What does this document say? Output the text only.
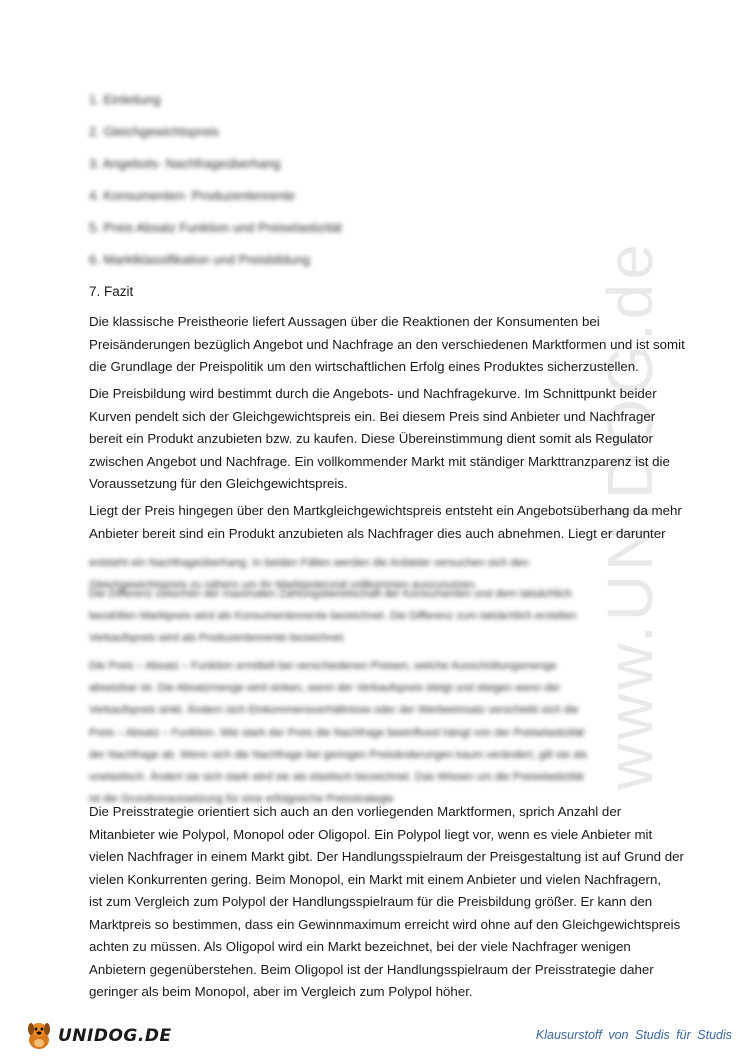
www.UNIDOG.de
1. Einleitung
2. Gleichgewichtspreis
3. Angebots- Nachfrageüberhang
4. Konsumenten- Produzentenrente
5. Preis Absatz Funktion und Preiselastizität
6. Marktklassifikation und Preisbildung
7. Fazit
Die klassische Preistheorie liefert Aussagen über die Reaktionen der Konsumenten bei
Preisänderungen bezüglich Angebot und Nachfrage an den verschiedenen Marktformen und ist somit
die Grundlage der Preispolitik um den wirtschaftlichen Erfolg eines Produktes sicherzustellen.
Die Preisbildung wird bestimmt durch die Angebots- und Nachfragekurve. Im Schnittpunkt beider
Kurven pendelt sich der Gleichgewichtspreis ein. Bei diesem Preis sind Anbieter und Nachfrager
bereit ein Produkt anzubieten bzw. zu kaufen. Diese Übereinstimmung dient somit als Regulator
zwischen Angebot und Nachfrage. Ein vollkommender Markt mit ständiger Markttranzparenz ist die
Voraussetzung für den Gleichgewichtspreis.
Liegt der Preis hingegen über den Martkgleichgewichtspreis entsteht ein Angebotsüberhang da mehr
Anbieter bereit sind ein Produkt anzubieten als Nachfrager dies auch abnehmen. Liegt er darunter
entsteht ein Nachfrageüberhang. In beiden Fällen werden die Anbieter versuchen sich den
Gleichgewichtspreis zu nähern um ihr Marktpotenzial vollkommen auszunutzen.
Die Differenz zwischen der maximalen Zahlungsbereitschaft der Konsumenten und dem tatsächlich
bezahlten Marktpreis wird als Konsumentenrente bezeichnet. Die Differenz zum tatsächlich erzielten
Verkaufspreis wird als Produzentenrente bezeichnet.
Die Preis – Absatz – Funktion ermittelt bei verschiedenen Preisen, welche Ausschüttungsmenge
absetzbar ist. Die Absatzmenge wird sinken, wenn der Verkaufspreis steigt und steigen wenn der
Verkaufspreis sinkt. Ändern sich Einkommensverhältnisse oder der Werbeeinsatz verschiebt sich die
Preis – Absatz – Funktion. Wie stark der Preis die Nachfrage beeinflusst hängt von der Preiselastizität
der Nachfrage ab. Wenn sich die Nachfrage bei geringen Preisänderungen kaum verändert, gilt sie als
unelastisch. Ändert sie sich stark wird sie als elastisch bezeichnet. Das Wissen um die Preiselastizität
ist die Grundvoraussetzung für eine erfolgreiche Preisstrategie
Die Preisstrategie orientiert sich auch an den vorliegenden Marktformen, sprich Anzahl der
Mitanbieter wie Polypol, Monopol oder Oligopol. Ein Polypol liegt vor, wenn es viele Anbieter mit
vielen Nachfrager in einem Markt gibt. Der Handlungsspielraum der Preisgestaltung ist auf Grund der
vielen Konkurrenten gering. Beim Monopol, ein Markt mit einem Anbieter und vielen Nachfragern,
ist zum Vergleich zum Polypol der Handlungsspielraum für die Preisbildung größer. Er kann den
Marktpreis so bestimmen, dass ein Gewinnmaximum erreicht wird ohne auf den Gleichgewichtspreis
achten zu müssen. Als Oligopol wird ein Markt bezeichnet, bei der viele Nachfrager wenigen
Anbietern gegenüberstehen. Beim Oligopol ist der Handlungsspielraum der Preisstrategie daher
geringer als beim Monopol, aber im Vergleich zum Polypol höher.
UNIDOG.DE	Klausurstoff von Studis für Studis
